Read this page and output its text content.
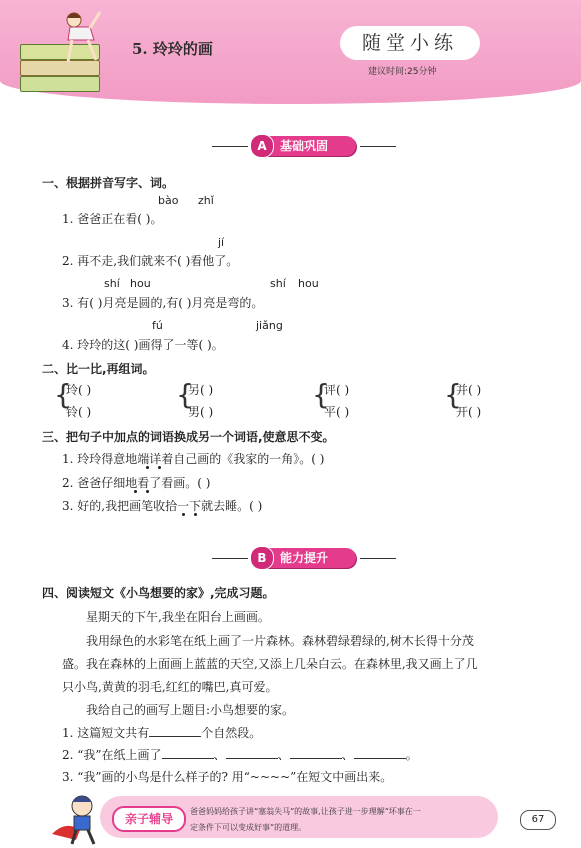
5. 玲玲的画	随堂小练
建议时间:25分钟
A	基础巩固
一、根据拼音写字、词。
bào zhǐ
1. 爸爸正在看( )。
jí
2. 再不走,我们就来不( )看他了。
shí hou	shí hou
3. 有( )月亮是圆的,有( )月亮是弯的。
fú	jiǎng
4. 玲玲的这( )画得了一等( )。
二、比一比,再组词。
{
玲( )
铃( )
{
另( )
男( )
{
评( )
平( )
{
并( )
开( )
三、把句子中加点的词语换成另一个词语,使意思不变。
1. 玲玲得意地端详着自己画的《我家的一角》。( )
2. 爸爸仔细地看了看画。( )
3. 好的,我把画笔收拾一下就去睡。( )
B	能力提升
四、阅读短文《小鸟想要的家》,完成习题。
星期天的下午,我坐在阳台上画画。
我用绿色的水彩笔在纸上画了一片森林。森林碧绿碧绿的,树木长得十分茂
盛。我在森林的上面画上蓝蓝的天空,又添上几朵白云。在森林里,我又画上了几
只小鸟,黄黄的羽毛,红红的嘴巴,真可爱。
我给自己的画写上题目:小鸟想要的家。
1. 这篇短文共有	个自然段。
2. “我”在纸上画了	、	、	、	。
3. “我”画的小鸟是什么样子的? 用“~~~~”在短文中画出来。
亲子辅导
爸爸妈妈给孩子讲“塞翁失马”的故事,让孩子进一步理解“坏事在一
定条件下可以变成好事”的道理。
67
